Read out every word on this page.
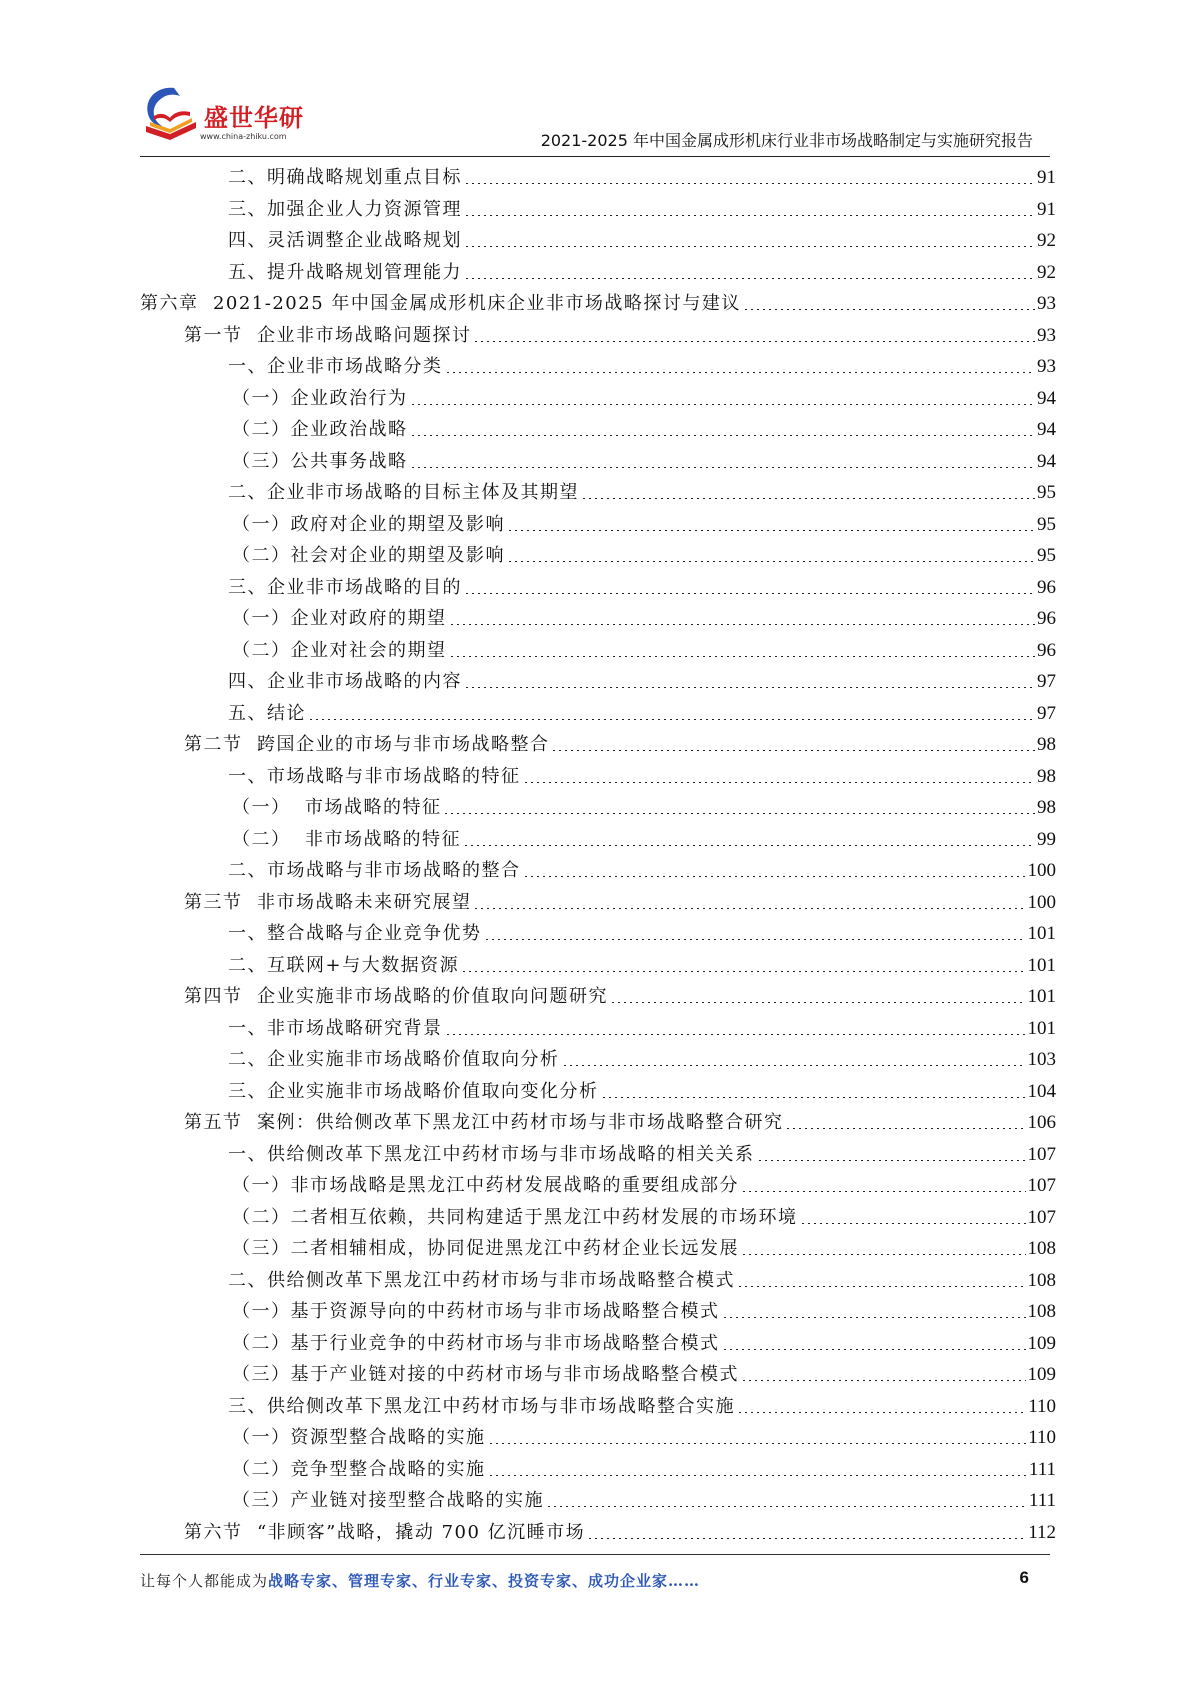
盛世华研
www.china-zhiku.com	2021-2025 年中国金属成形机床行业非市场战略制定与实施研究报告
二、明确战略规划重点目标	91
三、加强企业人力资源管理	91
四、灵活调整企业战略规划	92
五、提升战略规划管理能力	92
第六章  2021-2025 年中国金属成形机床企业非市场战略探讨与建议	93
第一节  企业非市场战略问题探讨	93
一、企业非市场战略分类	93
（一）企业政治行为	94
（二）企业政治战略	94
（三）公共事务战略	94
二、企业非市场战略的目标主体及其期望	95
（一）政府对企业的期望及影响	95
（二）社会对企业的期望及影响	95
三、企业非市场战略的目的	96
（一）企业对政府的期望	96
（二）企业对社会的期望	96
四、企业非市场战略的内容	97
五、结论	97
第二节  跨国企业的市场与非市场战略整合	98
一、市场战略与非市场战略的特征	98
（一）  市场战略的特征	98
（二）  非市场战略的特征	99
二、市场战略与非市场战略的整合	100
第三节  非市场战略未来研究展望	100
一、整合战略与企业竞争优势	101
二、互联网+与大数据资源	101
第四节  企业实施非市场战略的价值取向问题研究	101
一、非市场战略研究背景	101
二、企业实施非市场战略价值取向分析	103
三、企业实施非市场战略价值取向变化分析	104
第五节  案例：供给侧改革下黑龙江中药材市场与非市场战略整合研究	106
一、供给侧改革下黑龙江中药材市场与非市场战略的相关关系	107
（一）非市场战略是黑龙江中药材发展战略的重要组成部分	107
（二）二者相互依赖，共同构建适于黑龙江中药材发展的市场环境	107
（三）二者相辅相成，协同促进黑龙江中药材企业长远发展	108
二、供给侧改革下黑龙江中药材市场与非市场战略整合模式	108
（一）基于资源导向的中药材市场与非市场战略整合模式	108
（二）基于行业竞争的中药材市场与非市场战略整合模式	109
（三）基于产业链对接的中药材市场与非市场战略整合模式	109
三、供给侧改革下黑龙江中药材市场与非市场战略整合实施	110
（一）资源型整合战略的实施	110
（二）竞争型整合战略的实施	111
（三）产业链对接型整合战略的实施	111
第六节  “非顾客”战略，撬动 700 亿沉睡市场	112
让每个人都能成为战略专家、管理专家、行业专家、投资专家、成功企业家……	6
